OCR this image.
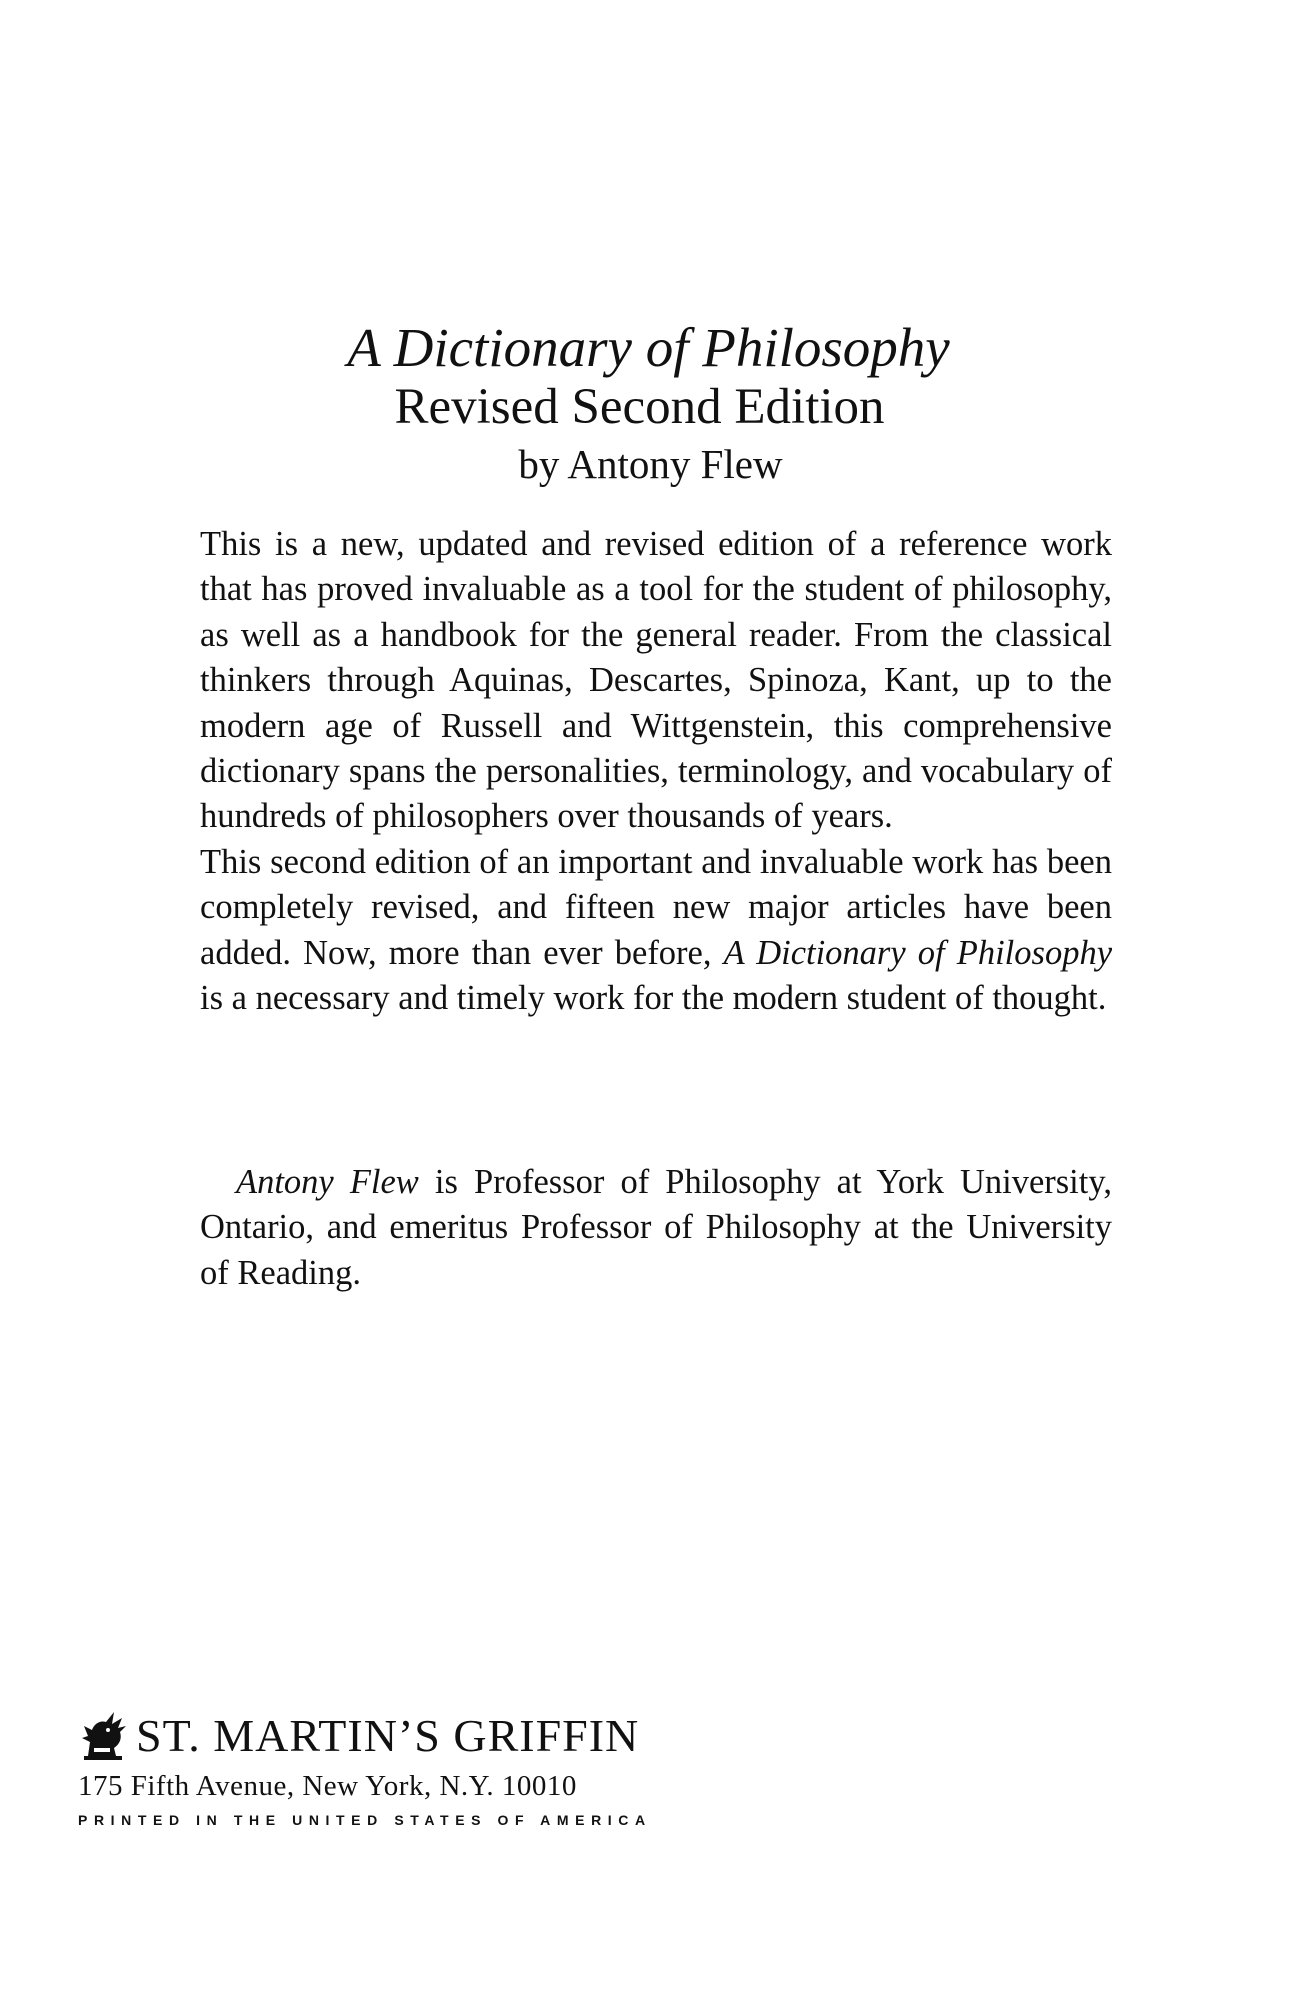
A Dictionary of Philosophy
Revised Second Edition
by Antony Flew

This is a new, updated and revised edition of a reference work that has proved invaluable as a tool for the student of philosophy, as well as a handbook for the general reader. From the classical thinkers through Aquinas, Descartes, Spinoza, Kant, up to the modern age of Russell and Wittgenstein, this comprehensive dictionary spans the personalities, terminology, and vocabulary of hundreds of philosophers over thousands of years.

This second edition of an important and invaluable work has been completely revised, and fifteen new major articles have been added. Now, more than ever before, A Dictionary of Philosophy is a necessary and timely work for the modern student of thought.

Antony Flew is Professor of Philosophy at York University, Ontario, and emeritus Professor of Philosophy at the University of Reading.
ST. MARTIN’S GRIFFIN
175 Fifth Avenue, New York, N.Y. 10010
PRINTED IN THE UNITED STATES OF AMERICA
